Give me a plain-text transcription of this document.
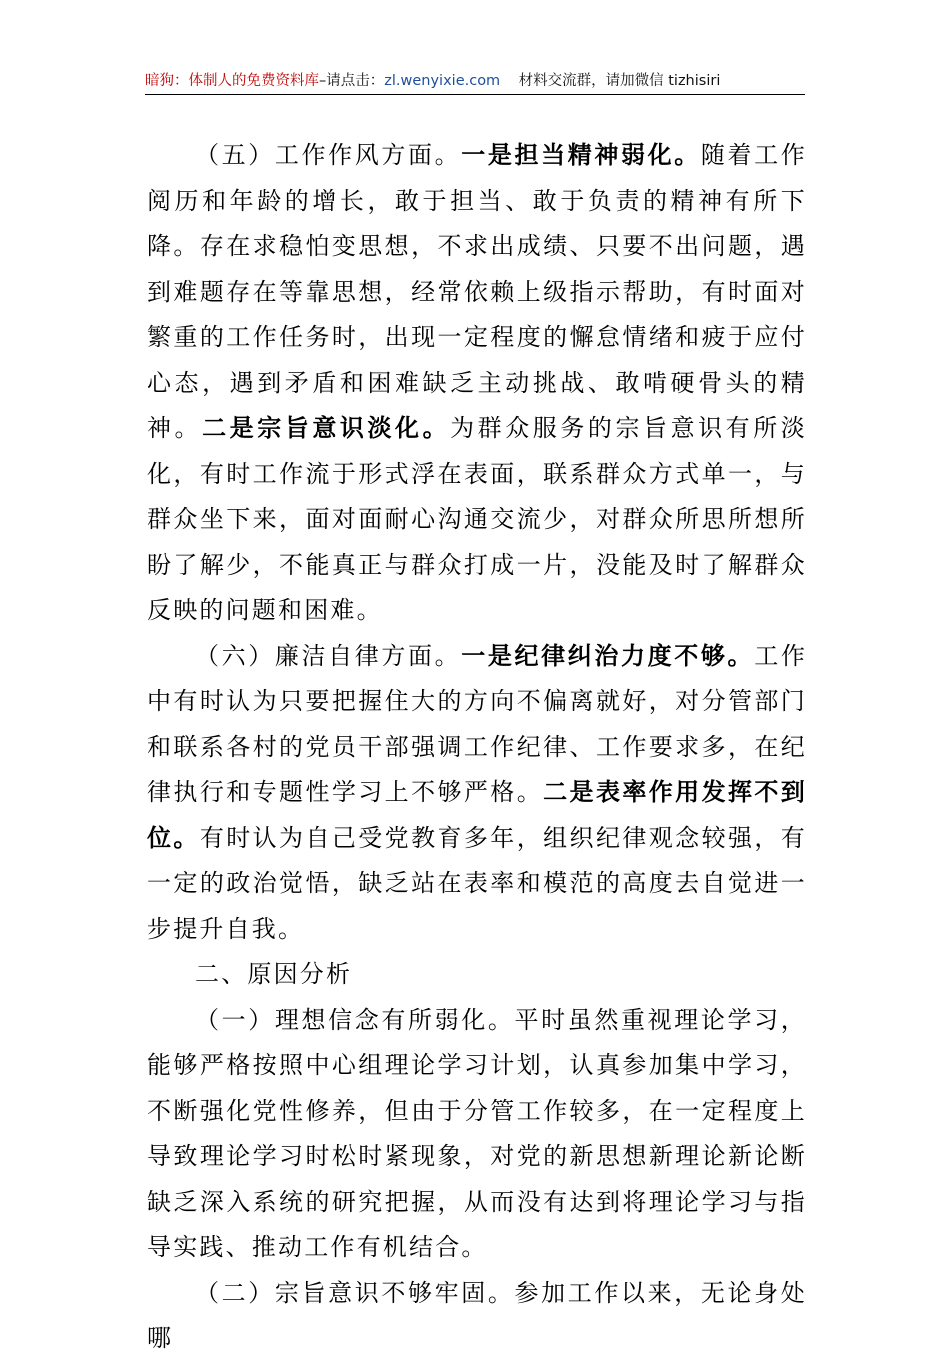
暗狗：体制人的免费资料库–请点击：zl.wenyixie.com    材料交流群，请加微信 tizhisiri

（五）工作作风方面。一是担当精神弱化。随着工作阅历和年龄的增长，敢于担当、敢于负责的精神有所下降。存在求稳怕变思想，不求出成绩、只要不出问题，遇到难题存在等靠思想，经常依赖上级指示帮助，有时面对繁重的工作任务时，出现一定程度的懈怠情绪和疲于应付心态，遇到矛盾和困难缺乏主动挑战、敢啃硬骨头的精神。二是宗旨意识淡化。为群众服务的宗旨意识有所淡化，有时工作流于形式浮在表面，联系群众方式单一，与群众坐下来，面对面耐心沟通交流少，对群众所思所想所盼了解少，不能真正与群众打成一片，没能及时了解群众反映的问题和困难。

（六）廉洁自律方面。一是纪律纠治力度不够。工作中有时认为只要把握住大的方向不偏离就好，对分管部门和联系各村的党员干部强调工作纪律、工作要求多，在纪律执行和专题性学习上不够严格。二是表率作用发挥不到位。有时认为自己受党教育多年，组织纪律观念较强，有一定的政治觉悟，缺乏站在表率和模范的高度去自觉进一步提升自我。

二、原因分析

（一）理想信念有所弱化。平时虽然重视理论学习，能够严格按照中心组理论学习计划，认真参加集中学习，不断强化党性修养，但由于分管工作较多，在一定程度上导致理论学习时松时紧现象，对党的新思想新理论新论断缺乏深入系统的研究把握，从而没有达到将理论学习与指导实践、推动工作有机结合。

（二）宗旨意识不够牢固。参加工作以来，无论身处哪
